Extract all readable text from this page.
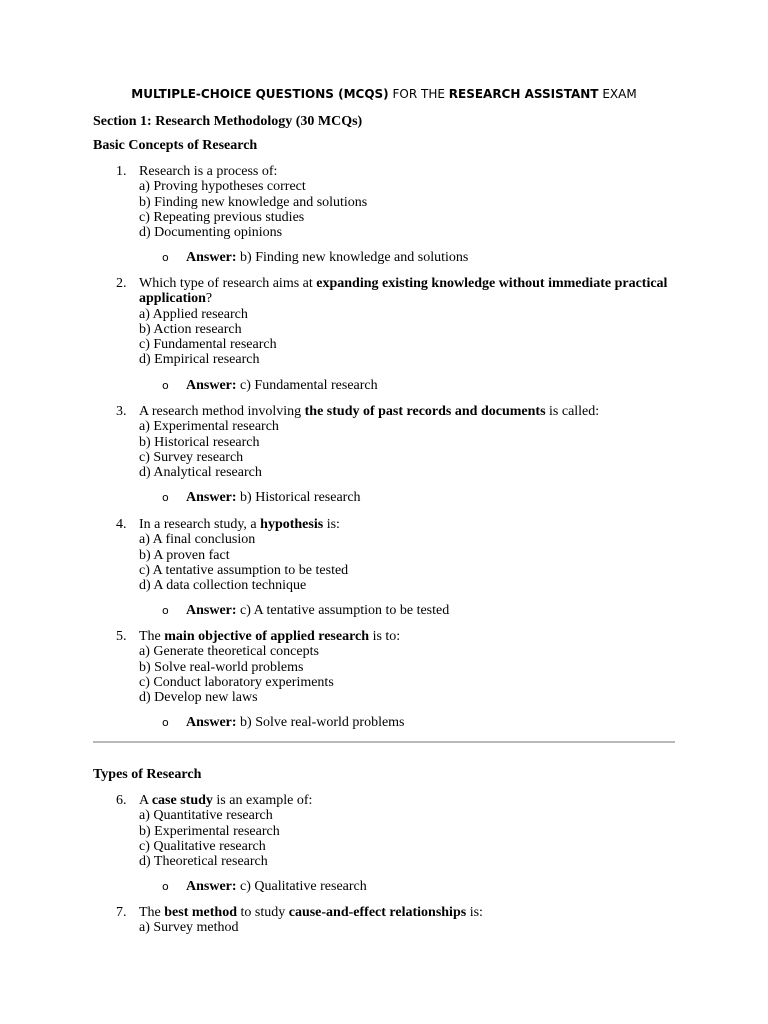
MULTIPLE-CHOICE QUESTIONS (MCQS) FOR THE RESEARCH ASSISTANT EXAM
Section 1: Research Methodology (30 MCQs)
Basic Concepts of Research
1. Research is a process of:
a) Proving hypotheses correct
b) Finding new knowledge and solutions
c) Repeating previous studies
d) Documenting opinions
o Answer: b) Finding new knowledge and solutions
2. Which type of research aims at expanding existing knowledge without immediate practical application?
a) Applied research
b) Action research
c) Fundamental research
d) Empirical research
o Answer: c) Fundamental research
3. A research method involving the study of past records and documents is called:
a) Experimental research
b) Historical research
c) Survey research
d) Analytical research
o Answer: b) Historical research
4. In a research study, a hypothesis is:
a) A final conclusion
b) A proven fact
c) A tentative assumption to be tested
d) A data collection technique
o Answer: c) A tentative assumption to be tested
5. The main objective of applied research is to:
a) Generate theoretical concepts
b) Solve real-world problems
c) Conduct laboratory experiments
d) Develop new laws
o Answer: b) Solve real-world problems
Types of Research
6. A case study is an example of:
a) Quantitative research
b) Experimental research
c) Qualitative research
d) Theoretical research
o Answer: c) Qualitative research
7. The best method to study cause-and-effect relationships is:
a) Survey method
